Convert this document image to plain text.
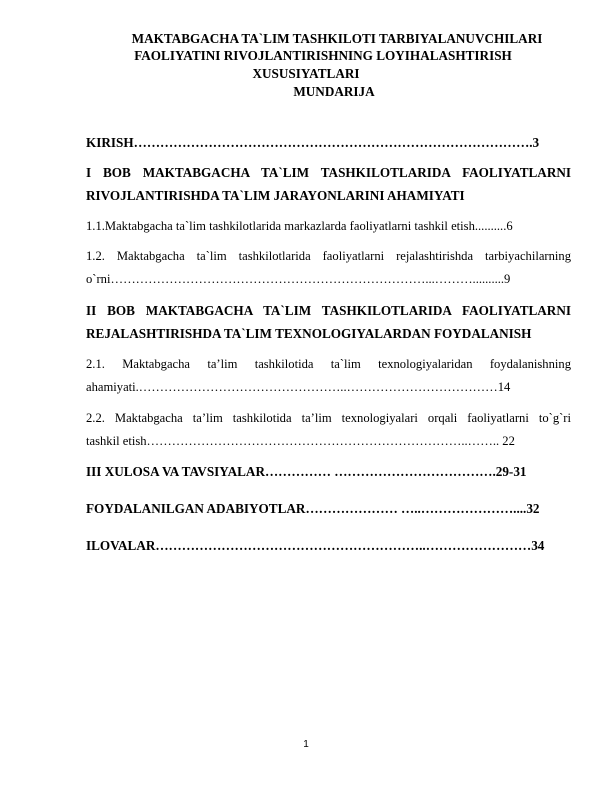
MAKTABGACHA TA`LIM TASHKILOTI TARBIYALANUVCHILARI

FAOLIYATINI RIVOJLANTIRISHNING LOYIHALASHTIRISH

XUSUSIYATLARI

MUNDARIJA

KIRISH……………………………………………………………………………….3
I BOB MAKTABGACHA TA`LIM TASHKILOTLARIDA FAOLIYATLARNI
RIVOJLANTIRISHDA TA`LIM JARAYONLARINI AHAMIYATI
1.1.Maktabgacha ta`lim tashkilotlarida markazlarda faoliyatlarni tashkil etish..........6
1.2. Maktabgacha ta`lim tashkilotlarida faoliyatlarni rejalashtirishda tarbiyachilarning
o`rni…………………………………………………………………...………..........9
II BOB MAKTABGACHA TA`LIM TASHKILOTLARIDA FAOLIYATLARNI
REJALASHTIRISHDA TA`LIM TEXNOLOGIYALARDAN FOYDALANISH
2.1. Maktabgacha ta’lim tashkilotida ta`lim texnologiyalaridan foydalanishning
ahamiyati.…………………………………………..………………………………14
2.2. Maktabgacha ta’lim tashkilotida ta’lim texnologiyalari orqali faoliyatlarni to`g`ri
tashkil etish…………………………………………………………………..…….. 22
III XULOSA VA TAVSIYALAR…………… ……………………………….29-31
FOYDALANILGAN ADABIYOTLAR………………… …..…………………....32
ILOVALAR……………………………………………………..……………………34
1
